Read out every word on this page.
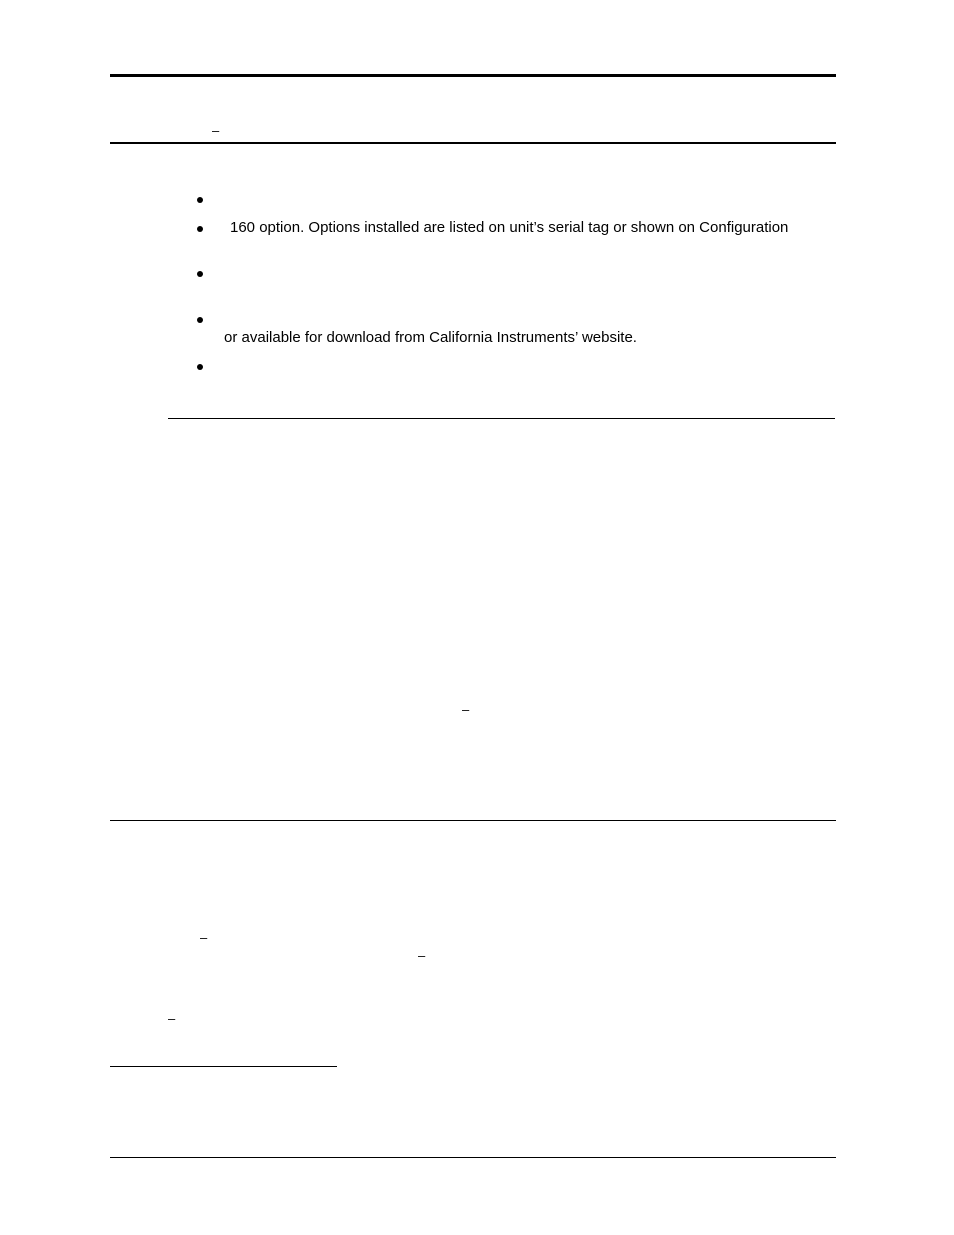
–

160 option. Options installed are listed on unit’s serial tag or shown on Configuration

or available for download from California Instruments’ website.

–
–
–
–
